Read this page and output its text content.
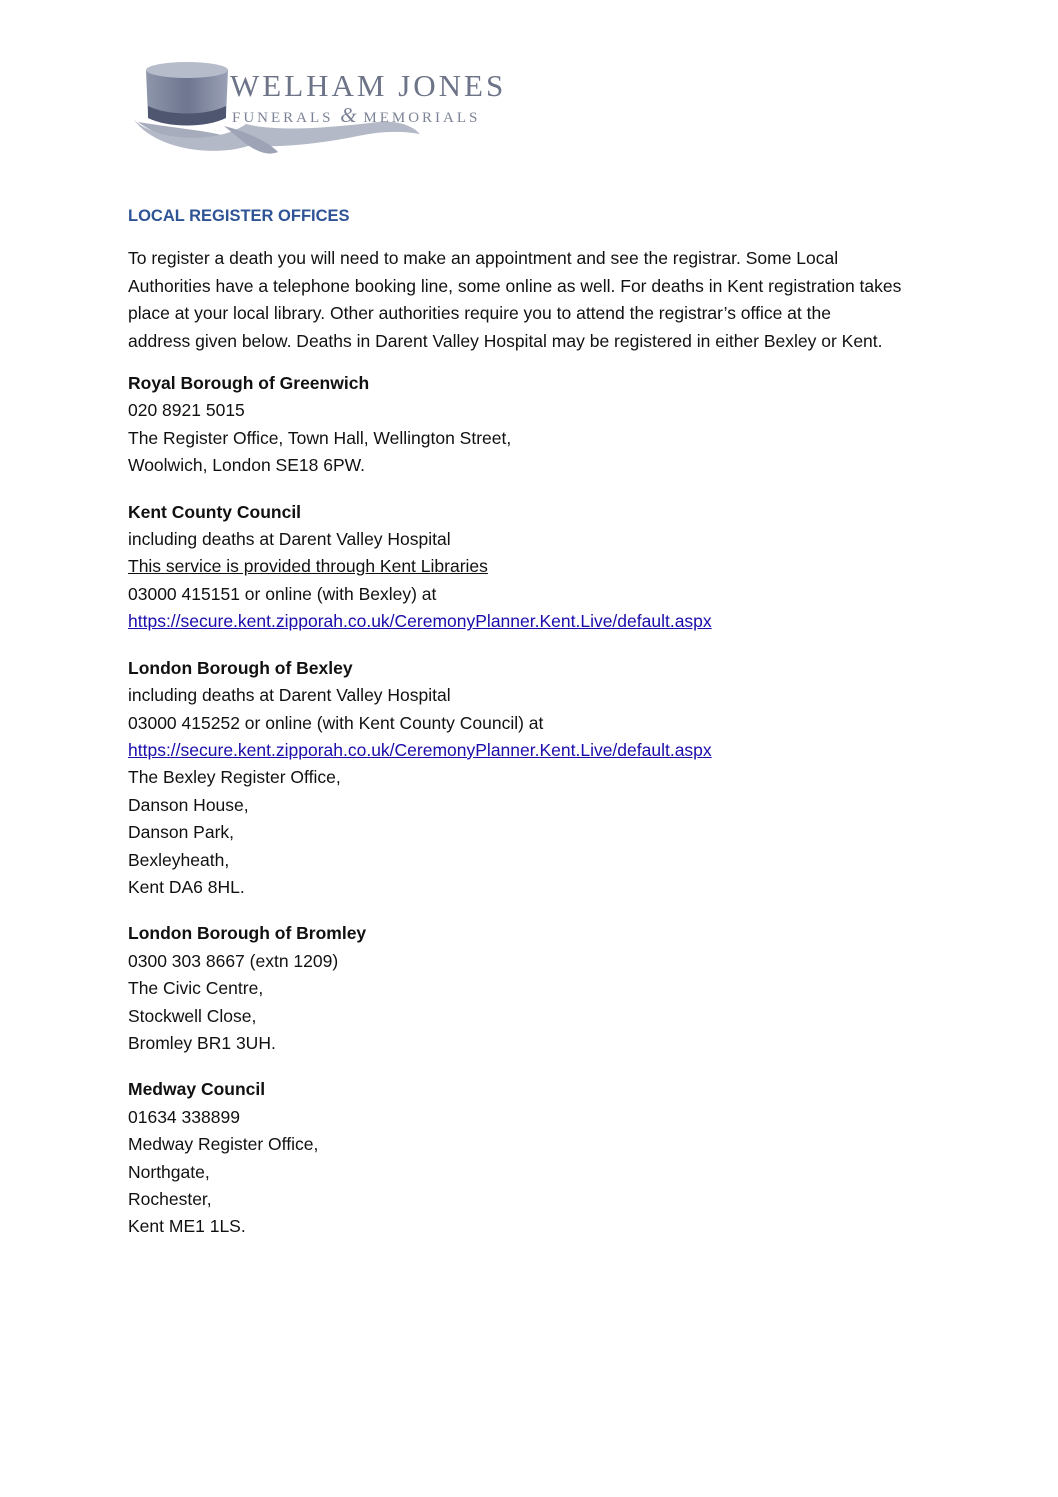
WELHAM JONES
FUNERALS & MEMORIALS
LOCAL REGISTER OFFICES
To register a death you will need to make an appointment and see the registrar. Some Local
Authorities have a telephone booking line, some online as well. For deaths in Kent registration takes
place at your local library. Other authorities require you to attend the registrar’s office at the
address given below. Deaths in Darent Valley Hospital may be registered in either Bexley or Kent.
Royal Borough of Greenwich
020 8921 5015
The Register Office, Town Hall, Wellington Street,
Woolwich, London SE18 6PW.
Kent County Council
including deaths at Darent Valley Hospital
This service is provided through Kent Libraries
03000 415151 or online (with Bexley) at
https://secure.kent.zipporah.co.uk/CeremonyPlanner.Kent.Live/default.aspx
London Borough of Bexley
including deaths at Darent Valley Hospital
03000 415252 or online (with Kent County Council) at
https://secure.kent.zipporah.co.uk/CeremonyPlanner.Kent.Live/default.aspx
The Bexley Register Office,
Danson House,
Danson Park,
Bexleyheath,
Kent DA6 8HL.
London Borough of Bromley
0300 303 8667 (extn 1209)
The Civic Centre,
Stockwell Close,
Bromley BR1 3UH.
Medway Council
01634 338899
Medway Register Office,
Northgate,
Rochester,
Kent ME1 1LS.
